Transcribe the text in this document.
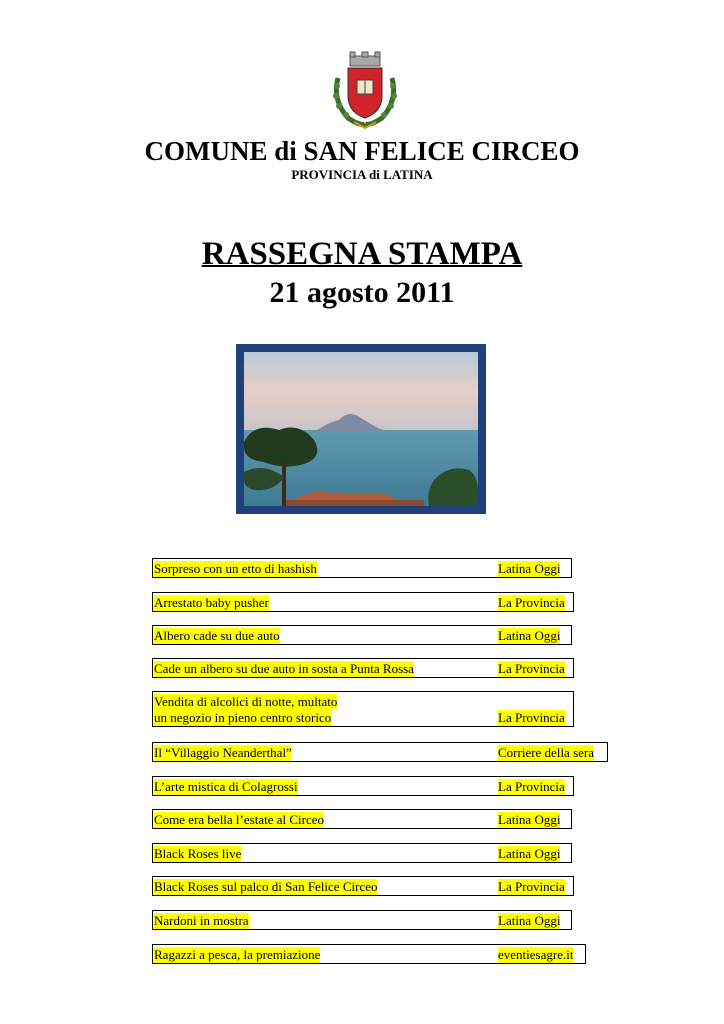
COMUNE di SAN FELICE CIRCEO
PROVINCIA di LATINA
RASSEGNA STAMPA
21 agosto 2011
Sorpreso con un etto di hashish	Latina Oggi
Arrestato baby pusher	La Provincia
Albero cade su due auto	Latina Oggi
Cade un albero su due auto in sosta a Punta Rossa	La Provincia
Vendita di alcolici di notte, multato
un negozio in pieno centro storico	La Provincia
Il “Villaggio Neanderthal”	Corriere della sera
L’arte mistica di Colagrossi	La Provincia
Come era bella l’estate al Circeo	Latina Oggi
Black Roses live	Latina Oggi
Black Roses sul palco di San Felice Circeo	La Provincia
Nardoni in mostra	Latina Oggi
Ragazzi a pesca, la premiazione	eventiesagre.it
